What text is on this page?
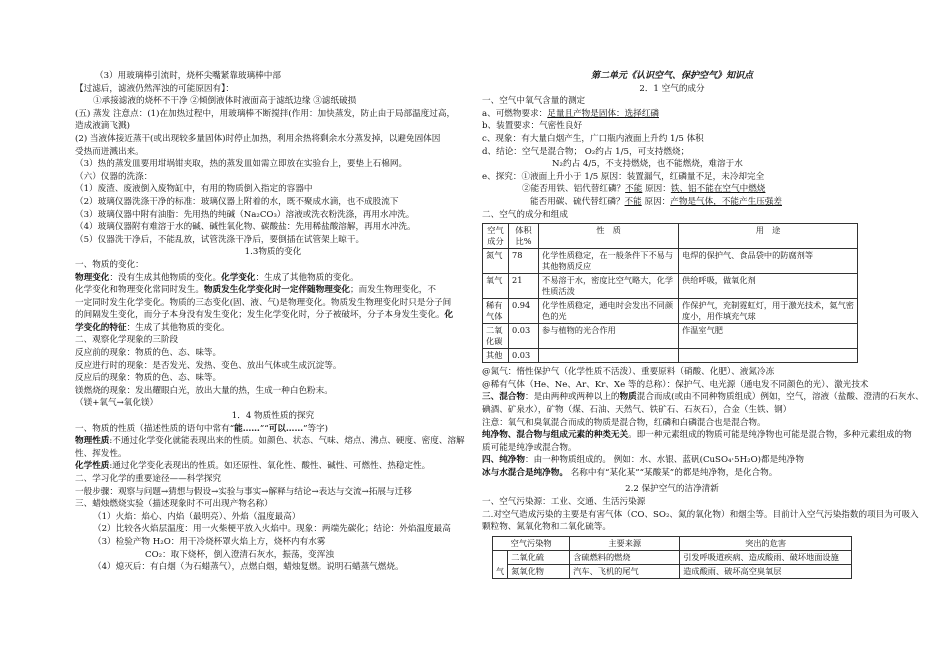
（3）用玻璃棒引流时，烧杯尖嘴紧靠玻璃棒中部
【过滤后，滤液仍然浑浊的可能原因有】：
①承接滤液的烧杯不干净 ②倾倒液体时液面高于滤纸边缘 ③滤纸破损
(五) 蒸发 注意点：(1)在加热过程中，用玻璃棒不断搅拌(作用：加快蒸发，防止由于局部温度过高，
造成液滴飞溅)
(2) 当液体接近蒸干(或出现较多量固体)时停止加热，利用余热将剩余水分蒸发掉，以避免固体因
受热而迸溅出来。
（3）热的蒸发皿要用坩埚钳夹取，热的蒸发皿如需立即放在实验台上，要垫上石棉网。
（六）仪器的洗涤：
（1）废渣、废液倒入废物缸中，有用的物质倒入指定的容器中
（2）玻璃仪器洗涤干净的标准：玻璃仪器上附着的水，既不聚成水滴，也不成股流下
（3）玻璃仪器中附有油脂：先用热的纯碱（Na₂CO₃）溶液或洗衣粉洗涤，再用水冲洗。
（4）玻璃仪器附有难溶于水的碱、碱性氧化物、碳酸盐：先用稀盐酸溶解，再用水冲洗。
（5）仪器洗干净后，不能乱放，试管洗涤干净后，要倒插在试管架上晾干。
1.3物质的变化
一、物质的变化：
物理变化：没有生成其他物质的变化。化学变化：生成了其他物质的变化。
化学变化和物理变化常同时发生。物质发生化学变化时一定伴随物理变化；而发生物理变化，不
一定同时发生化学变化。物质的三态变化(固、液、气)是物理变化。物质发生物理变化时只是分子间
的间隔发生变化，而分子本身没有发生变化；发生化学变化时，分子被破坏，分子本身发生变化。化
学变化的特征：生成了其他物质的变化。
二、观察化学现象的三阶段
反应前的现象：物质的色、态、味等。
反应进行时的现象：是否发光、发热、变色、放出气体或生成沉淀等。
反应后的现象：物质的色、态、味等。
镁燃烧的现象：发出耀眼白光，放出大量的热，生成一种白色粉末。
（镁+氧气→氧化镁）
1．4 物质性质的探究
一、物质的性质（描述性质的语句中常有“能……”“可以……”等字)
物理性质:不通过化学变化就能表现出来的性质。如颜色、状态、气味、熔点、沸点、硬度、密度、溶解
性、挥发性。
化学性质:通过化学变化表现出的性质。如还原性、氧化性、酸性、碱性、可燃性、热稳定性。
二、学习化学的重要途径——科学探究
一般步骤：观察与问题→猜想与假设→实验与事实→解释与结论→表达与交流→拓展与迁移
三、蜡烛燃烧实验（描述现象时不可出现产物名称）
（1）火焰：焰心、内焰（最明亮）、外焰（温度最高）
（2）比较各火焰层温度：用一火柴梗平放入火焰中。现象：两端先碳化；结论：外焰温度最高
（3）检验产物 H₂O：用干冷烧杯罩火焰上方，烧杯内有水雾
CO₂：取下烧杯，倒入澄清石灰水，振荡，变浑浊
（4）熄灭后：有白烟（为石蜡蒸气），点燃白烟，蜡烛复燃。说明石蜡蒸气燃烧。
第二单元《认识空气、保护空气》知识点
2．1 空气的成分
一、空气中氧气含量的测定
a、可燃物要求：足量且产物是固体：选择红磷
b、装置要求：气密性良好
c、现象：有大量白烟产生，广口瓶内液面上升约 1/5 体积
d、结论：空气是混合物； O₂约占 1/5，可支持燃烧；
N₂约占 4/5，不支持燃烧，也不能燃烧，难溶于水
e、探究：①液面上升小于 1/5 原因：装置漏气，红磷量不足，未冷却完全
②能否用铁、铝代替红磷？不能 原因：铁、铝不能在空气中燃烧
能否用碳、硫代替红磷？不能 原因：产物是气体，不能产生压强差
二、空气的成分和组成
空气成分	体积比%	性　质	用　途
氮气	78	化学性质稳定，在一般条件下不易与其他物质反应	电焊的保护气、食品袋中的防腐剂等
氧气	21	不易溶于水，密度比空气略大，化学性质活泼	供给呼吸，做氧化剂
稀有气体	0.94	化学性质稳定，通电时会发出不同颜色的光	作保护气，充制霓虹灯，用于激光技术，氦气密度小，用作填充气球
二氧化碳	0.03	参与植物的光合作用	作温室气肥
其他	0.03		
@氮气：惰性保护气（化学性质不活泼）、重要原料（硝酸、化肥）、液氮冷冻
@稀有气体（He、Ne、Ar、Kr、Xe 等的总称）：保护气、电光源（通电发不同颜色的光）、激光技术
三、混合物：是由两种或两种以上的物质混合而成(或由不同种物质组成）例如，空气，溶液（盐酸、澄清的石灰水、
碘酒、矿泉水），矿物（煤、石油、天然气、铁矿石、石灰石），合金（生铁、钢）
注意：氧气和臭氧混合而成的物质是混合物，红磷和白磷混合也是混合物。
纯净物、混合物与组成元素的种类无关。即一种元素组成的物质可能是纯净物也可能是混合物，多种元素组成的物
质可能是纯净或混合物。
四、纯净物：由一种物质组成的。 例如：水、水银、蓝矾(CuSO₄·5H₂O)都是纯净物
冰与水混合是纯净物。 名称中有“某化某”“某酸某”的都是纯净物，是化合物。
2.2 保护空气的洁净清新
一、空气污染源：工业、交通、生活污染源
二.对空气造成污染的主要是有害气体（CO、SO₂、氮的氧化物）和烟尘等。目前计入空气污染指数的项目为可吸入
颗粒物、氮氧化物和二氧化硫等。
空气污染物		主要来源	突出的危害
气	二氧化硫	含硫燃料的燃烧	引发呼吸道疾病、造成酸雨、破坏地面设施
	氮氧化物	汽车、飞机的尾气	造成酸雨、破坏高空臭氧层
